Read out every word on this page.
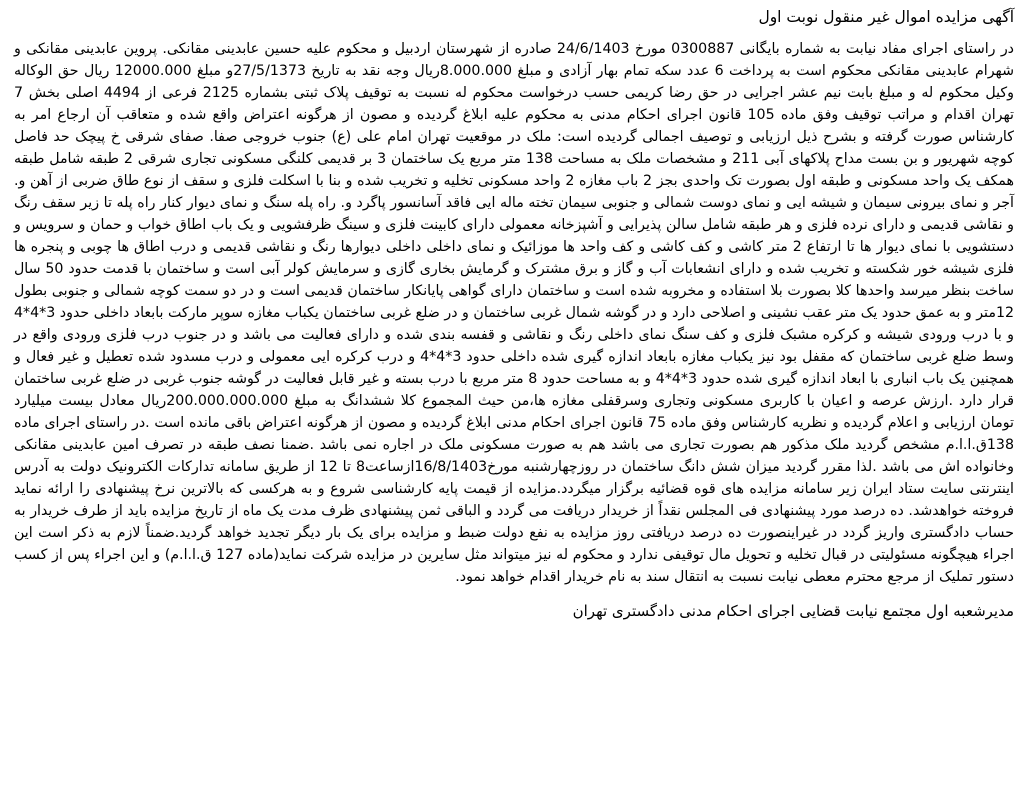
آگهی مزایده اموال غیر منقول نوبت اول

در راستای اجرای مفاد نیابت به شماره بایگانی 0300887 مورخ 24/6/1403 صادره از شهرستان اردبیل و محکوم علیه حسین عابدینی مقانکی. پروین عابدینی مقانکی و شهرام عابدینی مقانکی محکوم است به پرداخت 6 عدد سکه تمام بهار آزادی و مبلغ 8.000.000ریال وجه نقد به تاریخ 27/5/1373و مبلغ 12000.000 ریال حق الوکاله وکیل محکوم له و مبلغ بابت نیم عشر اجرایی در حق رضا کریمی حسب درخواست محکوم له نسبت به توقیف پلاک ثبتی بشماره 2125 فرعی از 4494 اصلی بخش 7 تهران اقدام و مراتب توقیف وفق ماده 105 قانون اجرای احکام مدنی به محکوم علیه ابلاغ گردیده و مصون از هرگونه اعتراض واقع شده و متعاقب آن ارجاع امر به کارشناس صورت گرفته و بشرح ذیل ارزیابی و توصیف اجمالی گردیده است: ملک در موقعیت تهران امام علی (ع) جنوب خروجی صفا. صفای شرقی خ پیچک حد فاصل کوچه شهریور و بن بست مداح پلاکهای آبی 211 و مشخصات ملک به مساحت 138 متر مربع یک ساختمان 3 بر قدیمی کلنگی مسکونی تجاری شرقی 2 طبقه شامل طبقه همکف یک واحد مسکونی و طبقه اول بصورت تک واحدی بجز 2 باب مغازه 2 واحد مسکونی تخلیه و تخریب شده و بنا با اسکلت فلزی و سقف از نوع طاق ضربی از آهن و. آجر و نمای بیرونی سیمان و شیشه ایی و نمای دوست شمالی و جنوبی سیمان تخته ماله ایی فاقد آسانسور پاگرد و. راه پله سنگ و نمای دیوار کنار راه پله تا زیر سقف رنگ و نقاشی قدیمی و دارای نرده فلزی و هر طبقه شامل سالن پذیرایی و آشپزخانه معمولی دارای کابینت فلزی و سینگ ظرفشویی و یک باب اطاق خواب و حمان و سرویس و دستشویی با نمای دیوار ها تا ارتفاع 2 متر کاشی و کف کاشی و کف واحد ها موزائیک و نمای داخلی داخلی دیوارها رنگ و نقاشی قدیمی و درب اطاق ها چوبی و پنجره ها فلزی شیشه خور شکسته و تخریب شده و دارای انشعابات آب و گاز و برق مشترک و گرمایش بخاری گازی و سرمایش کولر آبی است و ساختمان با قدمت حدود 50 سال ساخت بنظر میرسد واحدها کلا بصورت بلا استفاده و مخروبه شده است و ساختمان دارای گواهی پایانکار ساختمان قدیمی است و در دو سمت کوچه شمالی و جنوبی بطول 12متر و به عمق حدود یک متر عقب نشینی و اصلاحی دارد و در گوشه شمال غربی ساختمان و در ضلع غربی ساختمان یکباب مغازه سوپر مارکت بابعاد داخلی حدود 3*4*4 و با درب ورودی شیشه و کرکره مشبک فلزی و کف سنگ نمای داخلی رنگ و نقاشی و قفسه بندی شده و دارای فعالیت می باشد و در جنوب درب فلزی ورودی واقع در وسط ضلع غربی ساختمان که مقفل بود نیز یکباب مغازه بابعاد اندازه گیری شده داخلی حدود 3*4*4 و درب کرکره ایی معمولی و درب مسدود شده تعطیل و غیر فعال و همچنین یک باب انباری با ابعاد اندازه گیری شده حدود 3*4*4 و به مساحت حدود 8 متر مربع با درب بسته و غیر قابل فعالیت در گوشه جنوب غربی در ضلع غربی ساختمان قرار دارد .ارزش عرصه و اعیان با کاربری مسکونی وتجاری وسرقفلی مغازه ها،من حیث المجموع کلا ششدانگ به مبلغ 200.000.000.000ریال معادل بیست میلیارد تومان ارزیابی و اعلام گردیده و نظریه کارشناس وفق ماده 75 قانون اجرای احکام مدنی ابلاغ گردیده و مصون از هرگونه اعتراض باقی مانده است .در راستای اجرای ماده 138ق.ا.ا.م مشخص گردید ملک مذکور هم بصورت تجاری می باشد هم به صورت مسکونی ملک در اجاره نمی باشد .ضمنا نصف طبقه در تصرف امین عابدینی مقانکی وخانواده اش می باشد .لذا مقرر گردید میزان شش دانگ ساختمان در روزچهارشنبه مورخ16/8/1403ازساعت8 تا 12 از طریق سامانه تدارکات الکترونیک دولت به آدرس اینترنتی سایت ستاد ایران زیر سامانه مزایده های قوه قضائیه برگزار میگردد.مزایده از قیمت پایه کارشناسی شروع و به هرکسی که بالاترین نرخ پیشنهادی را ارائه نماید فروخته خواهدشد. ده درصد مورد پیشنهادی فی المجلس نقداً از خریدار دریافت می گردد و الباقی ثمن پیشنهادی ظرف مدت یک ماه از تاریخ مزایده باید از طرف خریدار به حساب دادگستری واریز گردد در غیراینصورت ده درصد دریافتی روز مزایده به نفع دولت ضبط و مزایده برای یک بار دیگر تجدید خواهد گردید.ضمناً لازم به ذکر است این اجراء هیچگونه مسئولیتی در قبال تخلیه و تحویل مال توقیفی ندارد و محکوم له نیز میتواند مثل سایرین در مزایده شرکت نماید(ماده 127 ق.ا.ا.م) و این اجراء پس از کسب دستور تملیک از مرجع محترم معطی نیابت نسبت به انتقال سند به نام خریدار اقدام خواهد نمود.

مدیرشعبه اول مجتمع نیابت قضایی اجرای احکام مدنی دادگستری تهران
